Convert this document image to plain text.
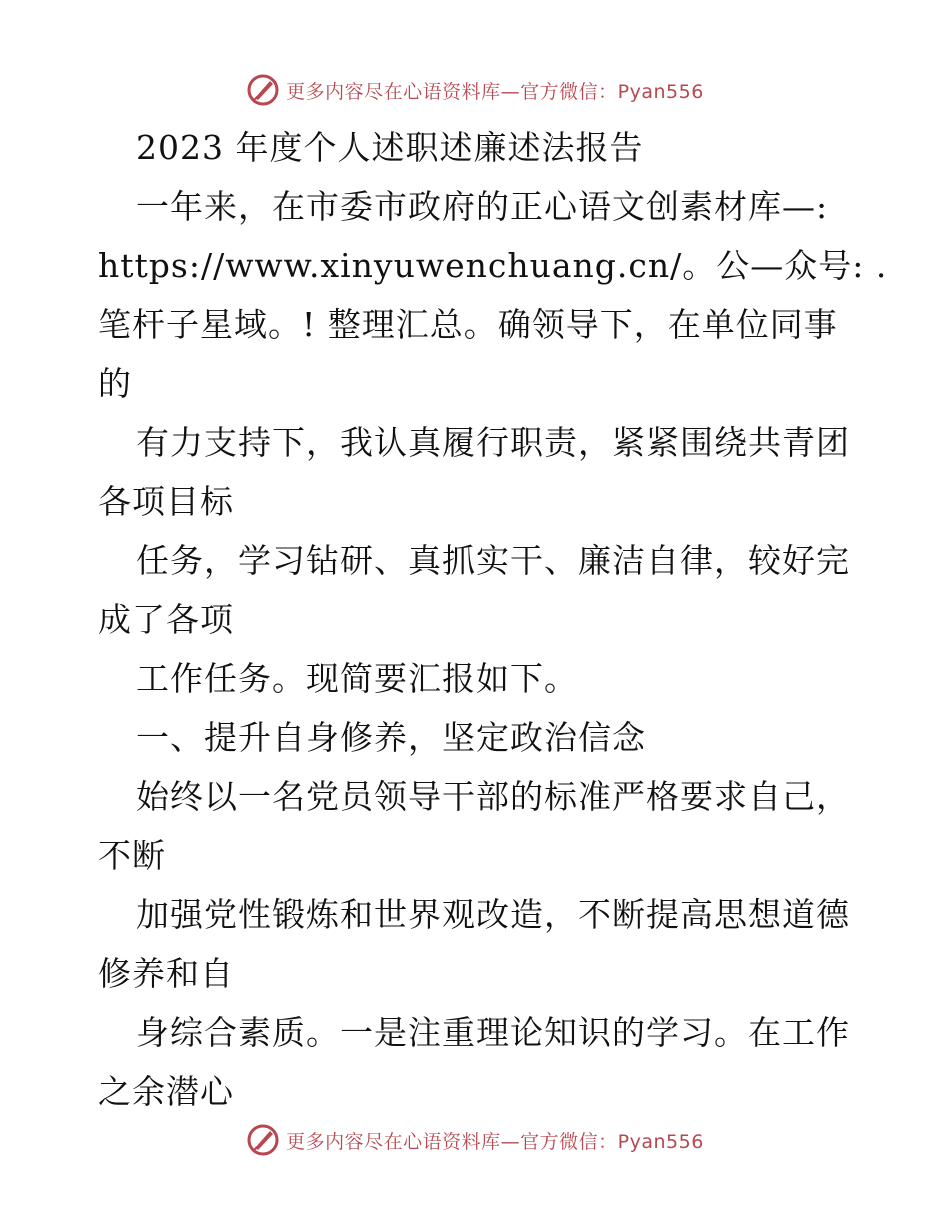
更多内容尽在心语资料库—官方微信：Pyan556
2023 年度个人述职述廉述法报告
一年来，在市委市政府的正心语文创素材库—:
https://www.xinyuwenchuang.cn/。公—众号: .
笔杆子星域。! 整理汇总。确领导下，在单位同事
的
有力支持下，我认真履行职责，紧紧围绕共青团
各项目标
任务，学习钻研、真抓实干、廉洁自律，较好完
成了各项
工作任务。现简要汇报如下。
一、提升自身修养，坚定政治信念
始终以一名党员领导干部的标准严格要求自己，
不断
加强党性锻炼和世界观改造，不断提高思想道德
修养和自
身综合素质。一是注重理论知识的学习。在工作
之余潜心
更多内容尽在心语资料库—官方微信：Pyan556
